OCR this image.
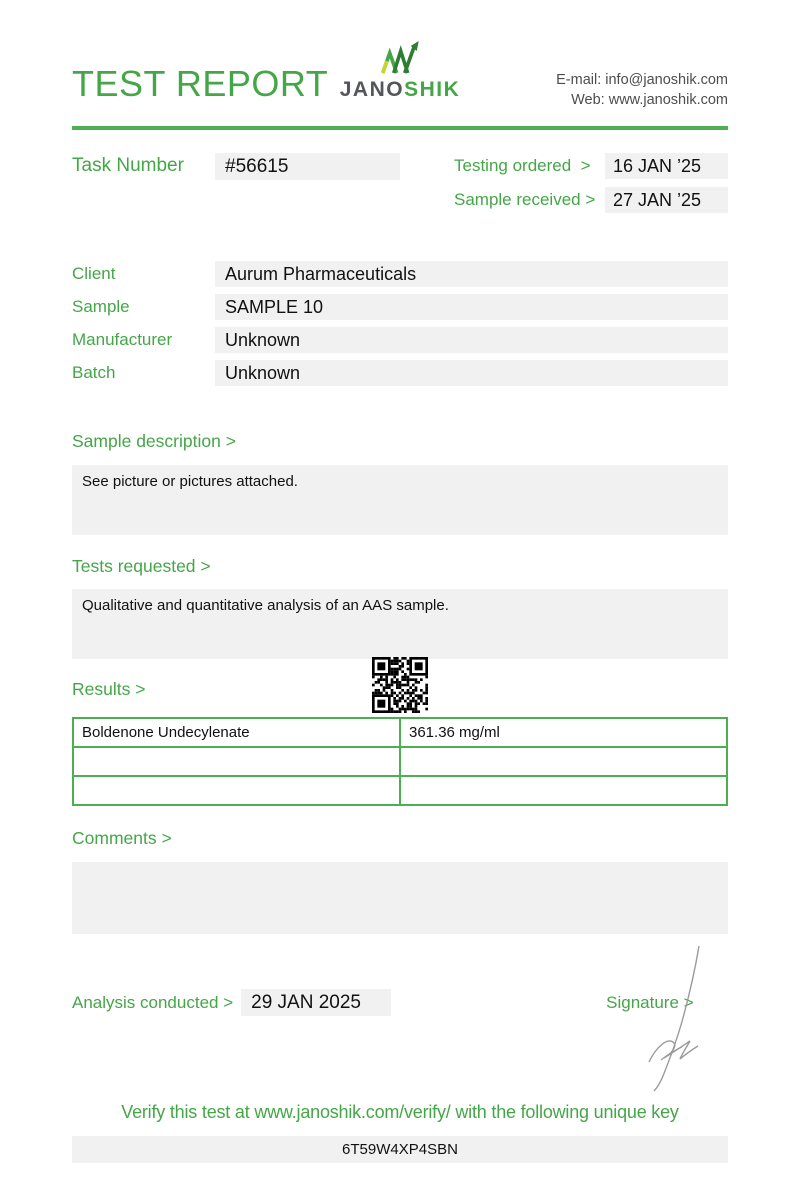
TEST REPORT JANOSHIK	E-mail: info@janoshik.com
Web: www.janoshik.com
Task Number	#56615	Testing ordered  >	16 JAN ’25
Sample received > 27 JAN ’25
Client	Aurum Pharmaceuticals
Sample	SAMPLE 10
Manufacturer	Unknown
Batch	Unknown
Sample description >
See picture or pictures attached.
Tests requested >
Qualitative and quantitative analysis of an AAS sample.
Results >
Boldenone Undecylenate	361.36 mg/ml

Comments >
Analysis conducted > 29 JAN 2025	Signature >
Verify this test at www.janoshik.com/verify/ with the following unique key
6T59W4XP4SBN
